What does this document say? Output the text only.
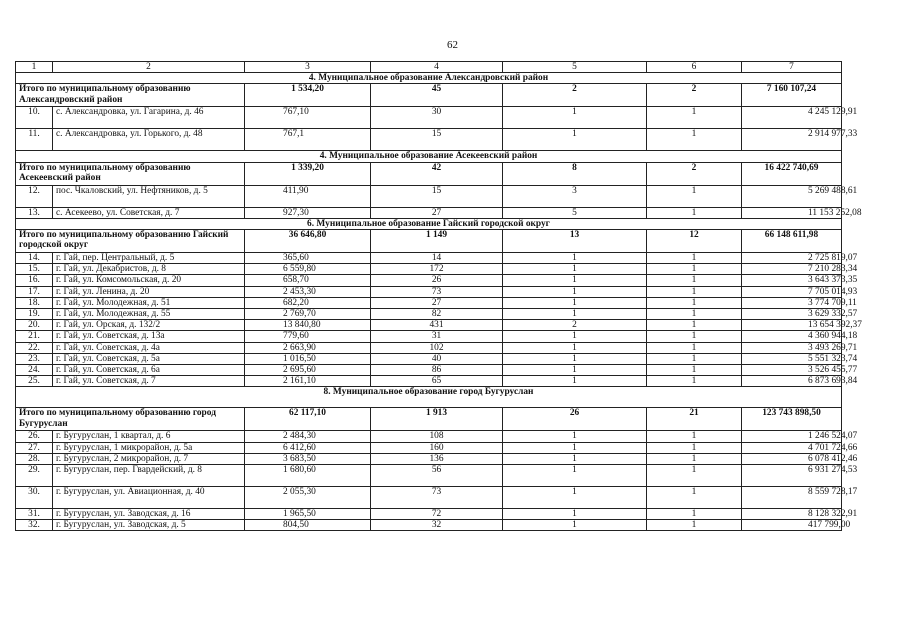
62
1	2	3	4	5	6	7
4. Муниципальное образование Александровский район						
Итого по муниципальному образованию Александровский район		1 534,20	45	2	2	7 160 107,24
10.	с. Александровка, ул. Гагарина, д. 46	767,10	30	1	1	4 245 129,91
11.	с. Александровка, ул. Горького, д. 48	767,1	15	1	1	2 914 977,33
4. Муниципальное образование Асекеевский район						
Итого по муниципальному образованию Асекеевский район		1 339,20	42	8	2	16 422 740,69
12.	пос. Чкаловский, ул. Нефтяников, д. 5	411,90	15	3	1	5 269 488,61
13.	с. Асекеево, ул. Советская, д. 7	927,30	27	5	1	11 153 252,08
6. Муниципальное образование Гайский городской округ						
Итого по муниципальному образованию Гайский городской округ		36 646,80	1 149	13	12	66 148 611,98
14.	г. Гай, пер. Центральный, д. 5	365,60	14	1	1	2 725 819,07
15.	г. Гай, ул. Декабристов, д. 8	6 559,80	172	1	1	7 210 283,34
16.	г. Гай, ул. Комсомольская, д. 20	658,70	26	1	1	3 643 373,35
17.	г. Гай, ул. Ленина, д. 20	2 453,30	73	1	1	7 705 014,93
18.	г. Гай, ул. Молодежная, д. 51	682,20	27	1	1	3 774 709,11
19.	г. Гай, ул. Молодежная, д. 55	2 769,70	82	1	1	3 629 332,57
20.	г. Гай, ул. Орская, д. 132/2	13 840,80	431	2	1	13 654 392,37
21.	г. Гай, ул. Советская, д. 13а	779,60	31	1	1	4 360 944,18
22.	г. Гай, ул. Советская, д. 4а	2 663,90	102	1	1	3 493 269,71
23.	г. Гай, ул. Советская, д. 5а	1 016,50	40	1	1	5 551 323,74
24.	г. Гай, ул. Советская, д. 6а	2 695,60	86	1	1	3 526 455,77
25.	г. Гай, ул. Советская, д. 7	2 161,10	65	1	1	6 873 693,84
8. Муниципальное образование город Бугуруслан						
Итого по муниципальному образованию город Бугуруслан		62 117,10	1 913	26	21	123 743 898,50
26.	г. Бугуруслан, 1 квартал, д. 6	2 484,30	108	1	1	1 246 524,07
27.	г. Бугуруслан, 1 микрорайон, д. 5а	6 412,60	160	1	1	4 701 724,66
28.	г. Бугуруслан, 2 микрорайон, д. 7	3 683,50	136	1	1	6 078 412,46
29.	г. Бугуруслан, пер. Гвардейский, д. 8	1 680,60	56	1	1	6 931 274,53
30.	г. Бугуруслан, ул. Авиационная, д. 40	2 055,30	73	1	1	8 559 728,17
31.	г. Бугуруслан, ул. Заводская, д. 16	1 965,50	72	1	1	8 128 322,91
32.	г. Бугуруслан, ул. Заводская, д. 5	804,50	32	1	1	417 799,00
